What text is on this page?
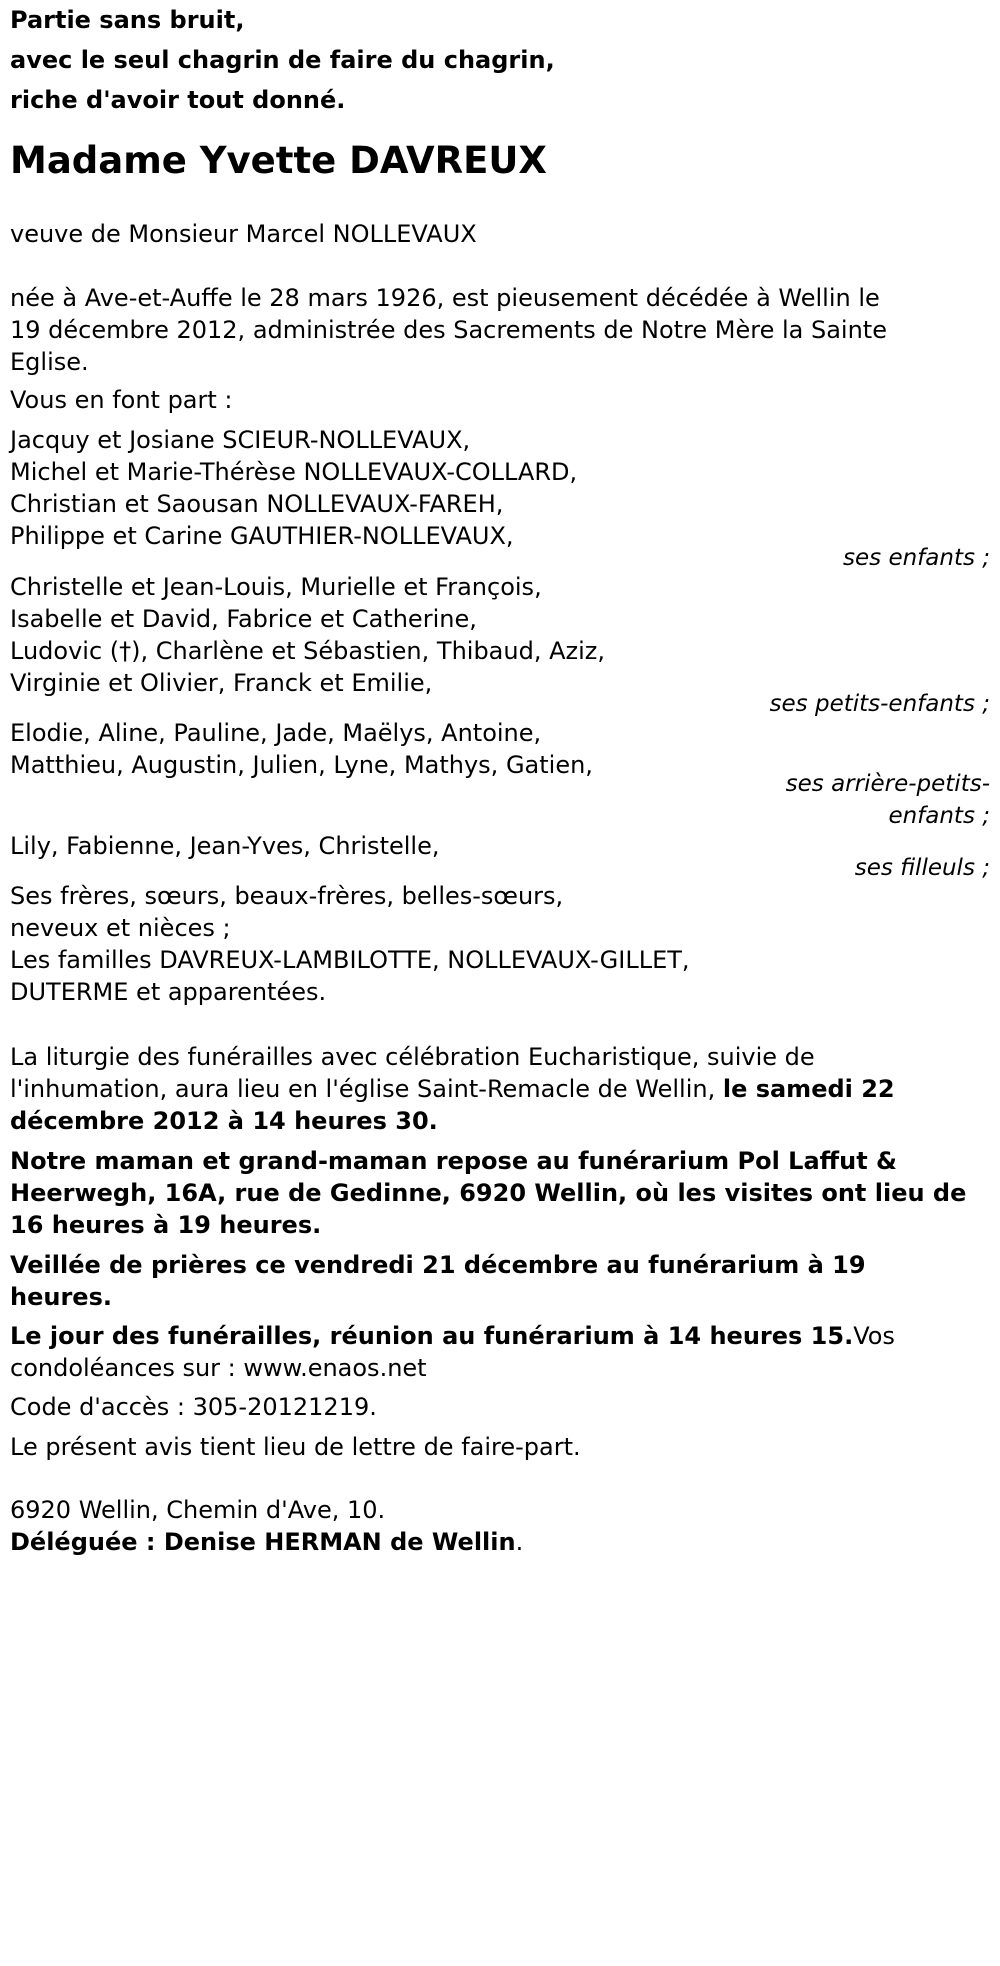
Partie sans bruit,
avec le seul chagrin de faire du chagrin,
riche d'avoir tout donné.
Madame Yvette DAVREUX
veuve de Monsieur Marcel NOLLEVAUX
née à Ave-et-Auffe le 28 mars 1926, est pieusement décédée à Wellin le
19 décembre 2012, administrée des Sacrements de Notre Mère la Sainte
Eglise.
Vous en font part :
Jacquy et Josiane SCIEUR-NOLLEVAUX,
Michel et Marie-Thérèse NOLLEVAUX-COLLARD,
Christian et Saousan NOLLEVAUX-FAREH,
Philippe et Carine GAUTHIER-NOLLEVAUX,
ses enfants ;
Christelle et Jean-Louis, Murielle et François,
Isabelle et David, Fabrice et Catherine,
Ludovic (†), Charlène et Sébastien, Thibaud, Aziz,
Virginie et Olivier, Franck et Emilie,
ses petits-enfants ;
Elodie, Aline, Pauline, Jade, Maëlys, Antoine,
Matthieu, Augustin, Julien, Lyne, Mathys, Gatien,
ses arrière-petits-
enfants ;
Lily, Fabienne, Jean-Yves, Christelle,
ses filleuls ;
Ses frères, sœurs, beaux-frères, belles-sœurs,
neveux et nièces ;
Les familles DAVREUX-LAMBILOTTE, NOLLEVAUX-GILLET,
DUTERME et apparentées.
La liturgie des funérailles avec célébration Eucharistique, suivie de
l'inhumation, aura lieu en l'église Saint-Remacle de Wellin, le samedi 22
décembre 2012 à 14 heures 30.
Notre maman et grand-maman repose au funérarium Pol Laffut &
Heerwegh, 16A, rue de Gedinne, 6920 Wellin, où les visites ont lieu de
16 heures à 19 heures.
Veillée de prières ce vendredi 21 décembre au funérarium à 19
heures.
Le jour des funérailles, réunion au funérarium à 14 heures 15.Vos
condoléances sur : www.enaos.net
Code d'accès : 305-20121219.
Le présent avis tient lieu de lettre de faire-part.
6920 Wellin, Chemin d'Ave, 10.
Déléguée : Denise HERMAN de Wellin.
